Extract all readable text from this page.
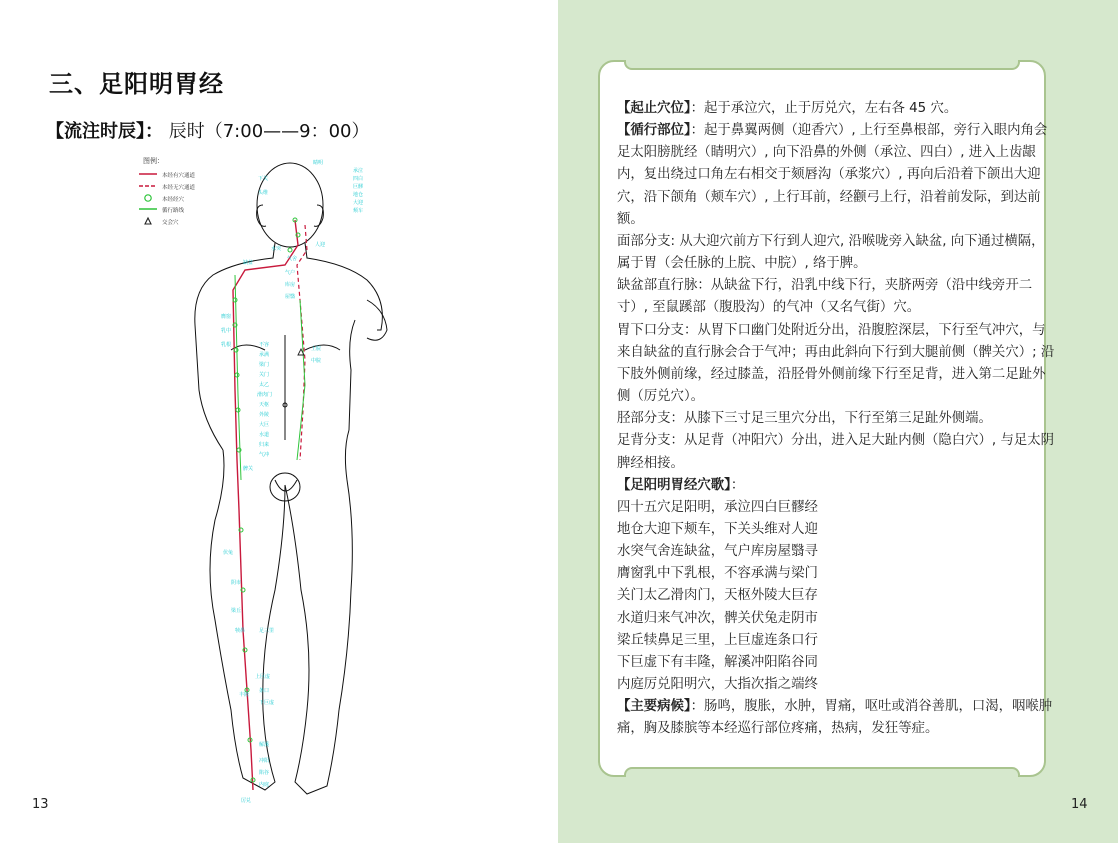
三、足阳明胃经
【流注时辰】： 辰时（7:00——9：00）
图例：
本经有穴通道
本经无穴通道
本经经穴
循行路线
交会穴
睛明
承泣
四白
巨髎
地仓
大迎
颊车
下关
头维
人迎
水突
气舍
缺盆
气户
库房
屋翳
膺窗
乳中
乳根	不容
承满
梁门
关门
太乙
滑肉门
天枢
外陵
大巨
水道
归来
气冲
髀关
伏兔
阴市
梁丘
犊鼻	足三里
上巨虚
条口
下巨虚
丰隆
解溪
冲阳
陷谷
内庭
厉兑
上脘
中脘
13

【起止穴位】：起于承泣穴，止于厉兑穴，左右各 45 穴。

【循行部位】：起于鼻翼两侧（迎香穴）, 上行至鼻根部，旁行入眼内角会足太阳膀胱经（睛明穴）, 向下沿鼻的外侧（承泣、四白）, 进入上齿龈内，复出绕过口角左右相交于颏唇沟（承浆穴）, 再向后沿着下颌出大迎穴，沿下颌角（颊车穴）, 上行耳前，经颧弓上行，沿着前发际，到达前额。

面部分支: 从大迎穴前方下行到人迎穴, 沿喉咙旁入缺盆, 向下通过横隔，属于胃（会任脉的上脘、中脘）, 络于脾。

缺盆部直行脉：从缺盆下行，沿乳中线下行，夹脐两旁（沿中线旁开二寸）, 至鼠蹊部（腹股沟）的气冲（又名气街）穴。

胃下口分支：从胃下口幽门处附近分出，沿腹腔深层，下行至气冲穴，与来自缺盆的直行脉会合于气冲；再由此斜向下行到大腿前侧（髀关穴）; 沿下肢外侧前缘，经过膝盖，沿胫骨外侧前缘下行至足背，进入第二足趾外侧（厉兑穴）。

胫部分支：从膝下三寸足三里穴分出，下行至第三足趾外侧端。

足背分支：从足背（冲阳穴）分出，进入足大趾内侧（隐白穴）, 与足太阴脾经相接。

【足阳明胃经穴歌】：

四十五穴足阳明，承泣四白巨髎经

地仓大迎下颊车，下关头维对人迎

水突气舍连缺盆，气户库房屋翳寻

膺窗乳中下乳根，不容承满与梁门

关门太乙滑肉门，天枢外陵大巨存

水道归来气冲次，髀关伏兔走阴市

梁丘犊鼻足三里，上巨虚连条口行

下巨虚下有丰隆，解溪冲阳陷谷同

内庭厉兑阳明穴，大指次指之端终

【主要病候】：肠鸣，腹胀，水肿，胃痛，呕吐或消谷善肌，口渴，咽喉肿痛，胸及膝膑等本经巡行部位疼痛，热病，发狂等症。

14
